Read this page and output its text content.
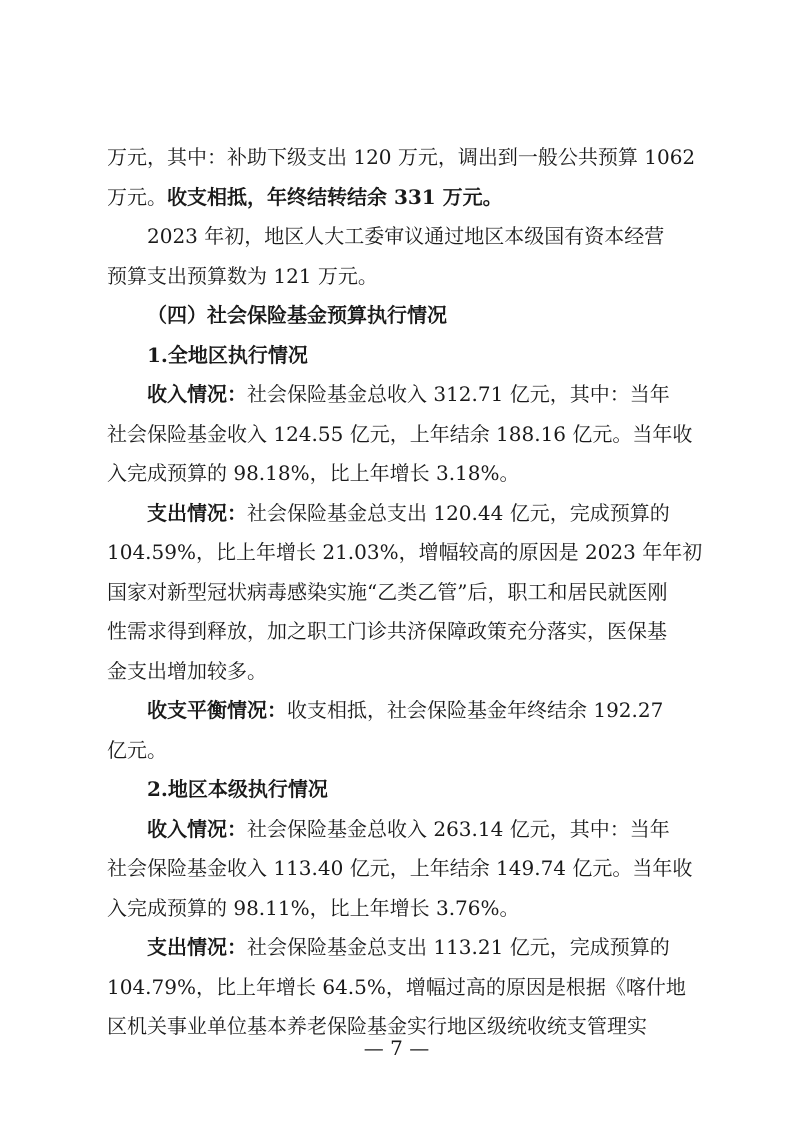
万元，其中：补助下级支出 120 万元，调出到一般公共预算 1062
万元。 收支相抵，年终结转结余 331 万元。
2023 年初，地区人大工委审议通过地区本级国有资本经营
预算支出预算数为 121 万元。
（四）社会保险基金预算执行情况
1.全地区执行情况
收入情况：社会保险基金总收入 312.71 亿元，其中：当年
社会保险基金收入 124.55 亿元，上年结余 188.16 亿元。当年收
入完成预算的 98.18%，比上年增长 3.18%。
支出情况：社会保险基金总支出 120.44 亿元，完成预算的
104.59%，比上年增长 21.03%，增幅较高的原因是 2023 年年初
国家对新型冠状病毒感染实施“乙类乙管”后，职工和居民就医刚
性需求得到释放，加之职工门诊共济保障政策充分落实，医保基
金支出增加较多。
收支平衡情况：收支相抵，社会保险基金年终结余 192.27
亿元。
2.地区本级执行情况
收入情况：社会保险基金总收入 263.14 亿元，其中：当年
社会保险基金收入 113.40 亿元，上年结余 149.74 亿元。当年收
入完成预算的 98.11%，比上年增长 3.76%。
支出情况：社会保险基金总支出 113.21 亿元，完成预算的
104.79%，比上年增长 64.5%，增幅过高的原因是根据《喀什地
区机关事业单位基本养老保险基金实行地区级统收统支管理实
— 7 —
